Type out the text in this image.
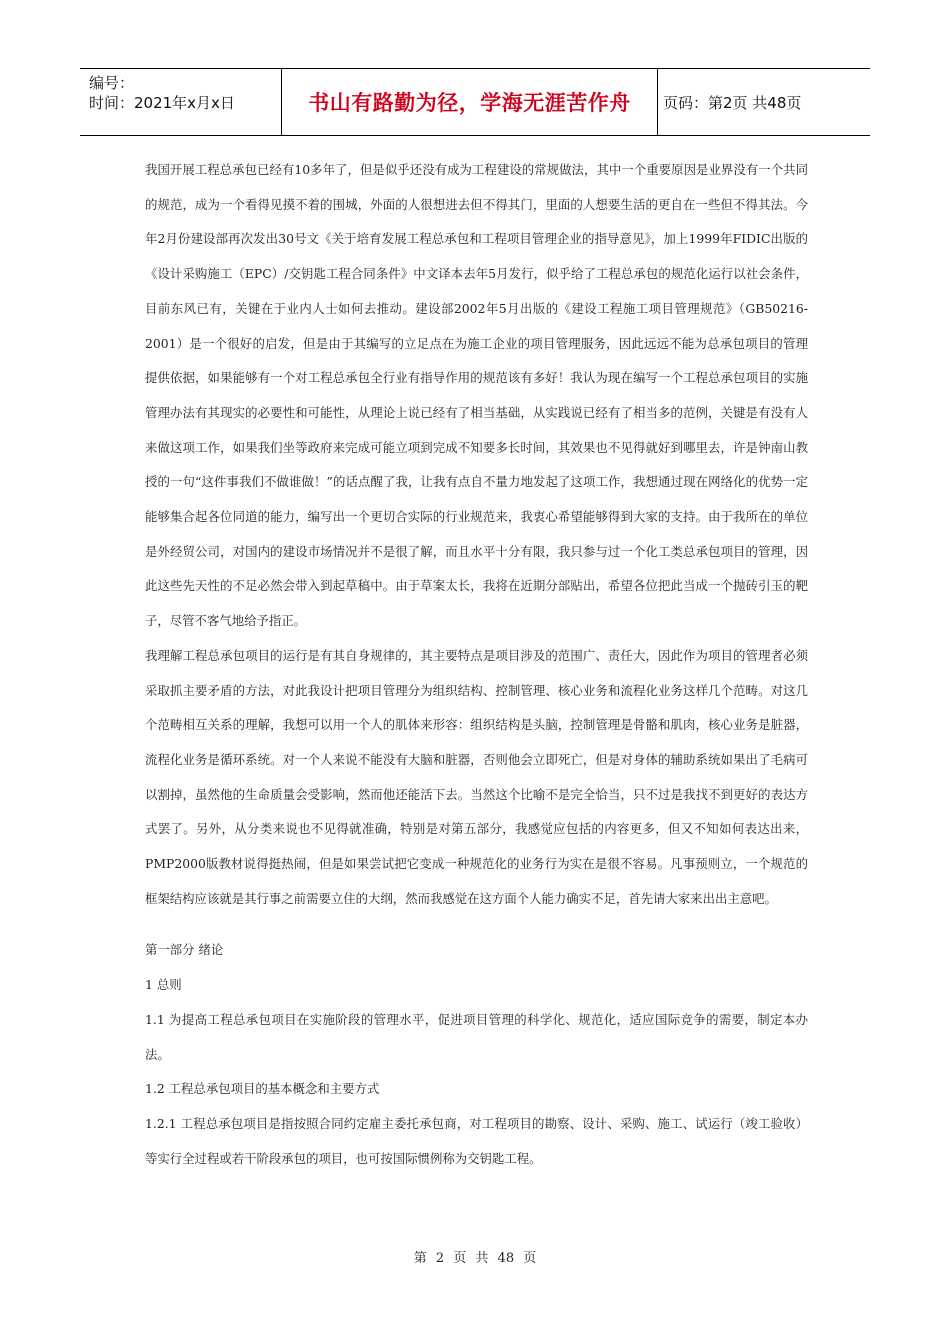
编号：
时间：2021年x月x日	书山有路勤为径，学海无涯苦作舟 页码：第2页 共48页

我国开展工程总承包已经有10多年了，但是似乎还没有成为工程建设的常规做法，其中一个重要原因是业界没有一个共同的规范，成为一个看得见摸不着的围城，外面的人很想进去但不得其门，里面的人想要生活的更自在一些但不得其法。今年2月份建设部再次发出30号文《关于培育发展工程总承包和工程项目管理企业的指导意见》，加上1999年FIDIC出版的《设计采购施工（EPC）/交钥匙工程合同条件》中文译本去年5月发行，似乎给了工程总承包的规范化运行以社会条件，目前东风已有，关键在于业内人士如何去推动。建设部2002年5月出版的《建设工程施工项目管理规范》（GB50216-2001）是一个很好的启发，但是由于其编写的立足点在为施工企业的项目管理服务，因此远远不能为总承包项目的管理提供依据，如果能够有一个对工程总承包全行业有指导作用的规范该有多好！我认为现在编写一个工程总承包项目的实施管理办法有其现实的必要性和可能性，从理论上说已经有了相当基础，从实践说已经有了相当多的范例，关键是有没有人来做这项工作，如果我们坐等政府来完成可能立项到完成不知要多长时间，其效果也不见得就好到哪里去，许是钟南山教授的一句“这件事我们不做谁做！”的话点醒了我，让我有点自不量力地发起了这项工作，我想通过现在网络化的优势一定能够集合起各位同道的能力，编写出一个更切合实际的行业规范来，我衷心希望能够得到大家的支持。由于我所在的单位是外经贸公司，对国内的建设市场情况并不是很了解，而且水平十分有限，我只参与过一个化工类总承包项目的管理，因此这些先天性的不足必然会带入到起草稿中。由于草案太长，我将在近期分部贴出，希望各位把此当成一个抛砖引玉的靶子，尽管不客气地给予指正。

我理解工程总承包项目的运行是有其自身规律的，其主要特点是项目涉及的范围广、责任大，因此作为项目的管理者必须采取抓主要矛盾的方法，对此我设计把项目管理分为组织结构、控制管理、核心业务和流程化业务这样几个范畴。对这几个范畴相互关系的理解，我想可以用一个人的肌体来形容：组织结构是头脑，控制管理是骨骼和肌肉，核心业务是脏器，流程化业务是循环系统。对一个人来说不能没有大脑和脏器，否则他会立即死亡，但是对身体的辅助系统如果出了毛病可以割掉，虽然他的生命质量会受影响，然而他还能活下去。当然这个比喻不是完全恰当，只不过是我找不到更好的表达方式罢了。另外，从分类来说也不见得就准确，特别是对第五部分，我感觉应包括的内容更多，但又不知如何表达出来，PMP2000版教材说得挺热闹，但是如果尝试把它变成一种规范化的业务行为实在是很不容易。凡事预则立，一个规范的框架结构应该就是其行事之前需要立住的大纲，然而我感觉在这方面个人能力确实不足，首先请大家来出出主意吧。

第一部分 绪论

1 总则

1.1 为提高工程总承包项目在实施阶段的管理水平，促进项目管理的科学化、规范化，适应国际竞争的需要，制定本办法。

1.2 工程总承包项目的基本概念和主要方式

1.2.1 工程总承包项目是指按照合同约定雇主委托承包商，对工程项目的勘察、设计、采购、施工、试运行（竣工验收）等实行全过程或若干阶段承包的项目，也可按国际惯例称为交钥匙工程。

第 2 页 共 48 页
